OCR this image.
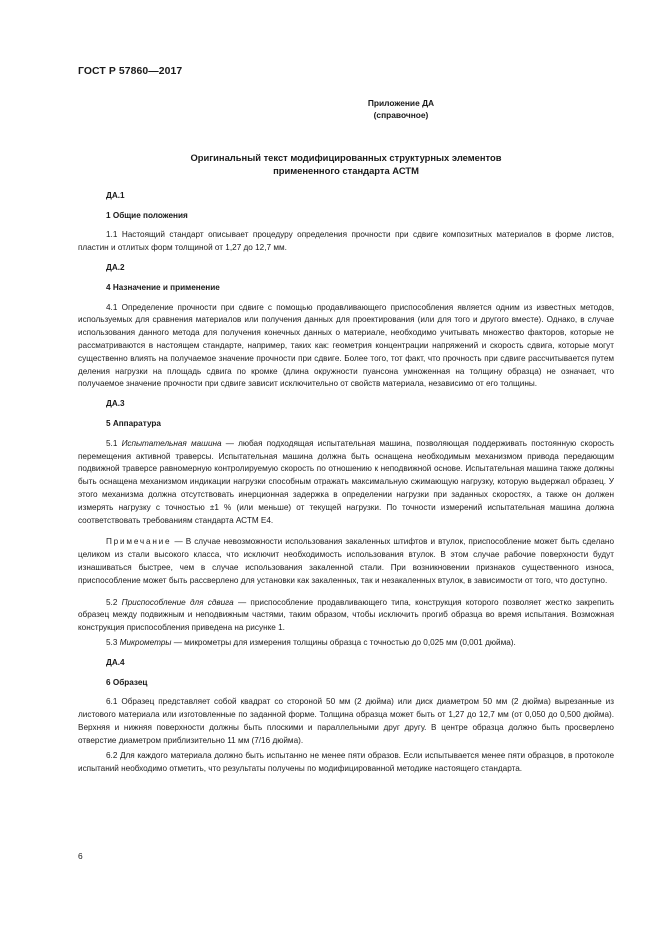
ГОСТ Р 57860—2017
Приложение ДА
(справочное)
Оригинальный текст модифицированных структурных элементов
примененного стандарта АСТМ
ДА.1
1 Общие положения

1.1 Настоящий стандарт описывает процедуру определения прочности при сдвиге композитных материалов в форме листов, пластин и отлитых форм толщиной от 1,27 до 12,7 мм.

ДА.2
4 Назначение и применение

4.1 Определение прочности при сдвиге с помощью продавливающего приспособления является одним из известных методов, используемых для сравнения материалов или получения данных для проектирования (или для того и другого вместе). Однако, в случае использования данного метода для получения конечных данных о материале, необходимо учитывать множество факторов, которые не рассматриваются в настоящем стандарте, например, таких как: геометрия концентрации напряжений и скорость сдвига, которые могут существенно влиять на получаемое значение прочности при сдвиге. Более того, тот факт, что прочность при сдвиге рассчитывается путем деления нагрузки на площадь сдвига по кромке (длина окружности пуансона умноженная на толщину образца) не означает, что получаемое значение прочности при сдвиге зависит исключительно от свойств материала, независимо от его толщины.

ДА.3
5 Аппаратура

5.1 Испытательная машина — любая подходящая испытательная машина, позволяющая поддерживать постоянную скорость перемещения активной траверсы. Испытательная машина должна быть оснащена необходимым механизмом привода передающим подвижной траверсе равномерную контролируемую скорость по отношению к неподвижной основе. Испытательная машина также должны быть оснащена механизмом индикации нагрузки способным отражать максимальную сжимающую нагрузку, которую выдержал образец. У этого механизма должна отсутствовать инерционная задержка в определении нагрузки при заданных скоростях, а также он должен измерять нагрузку с точностью ±1 % (или меньше) от текущей нагрузки. По точности измерений испытательная машина должна соответствовать требованиям стандарта АСТМ Е4.

Примечание — В случае невозможности использования закаленных штифтов и втулок, приспособление может быть сделано целиком из стали высокого класса, что исключит необходимость использования втулок. В этом случае рабочие поверхности будут изнашиваться быстрее, чем в случае использования закаленной стали. При возникновении признаков существенного износа, приспособление может быть рассверлено для установки как закаленных, так и незакаленных втулок, в зависимости от того, что доступно.

5.2 Приспособление для сдвига — приспособление продавливающего типа, конструкция которого позволяет жестко закрепить образец между подвижным и неподвижным частями, таким образом, чтобы исключить прогиб образца во время испытания. Возможная конструкция приспособления приведена на рисунке 1.

5.3 Микрометры — микрометры для измерения толщины образца с точностью до 0,025 мм (0,001 дюйма).

ДА.4
6 Образец

6.1 Образец представляет собой квадрат со стороной 50 мм (2 дюйма) или диск диаметром 50 мм (2 дюйма) вырезанные из листового материала или изготовленные по заданной форме. Толщина образца может быть от 1,27 до 12,7 мм (от 0,050 до 0,500 дюйма). Верхняя и нижняя поверхности должны быть плоскими и параллельными друг другу. В центре образца должно быть просверлено отверстие диаметром приблизительно 11 мм (7/16 дюйма).

6.2 Для каждого материала должно быть испытанно не менее пяти образов. Если испытывается менее пяти образцов, в протоколе испытаний необходимо отметить, что результаты получены по модифицированной методике настоящего стандарта.

6
